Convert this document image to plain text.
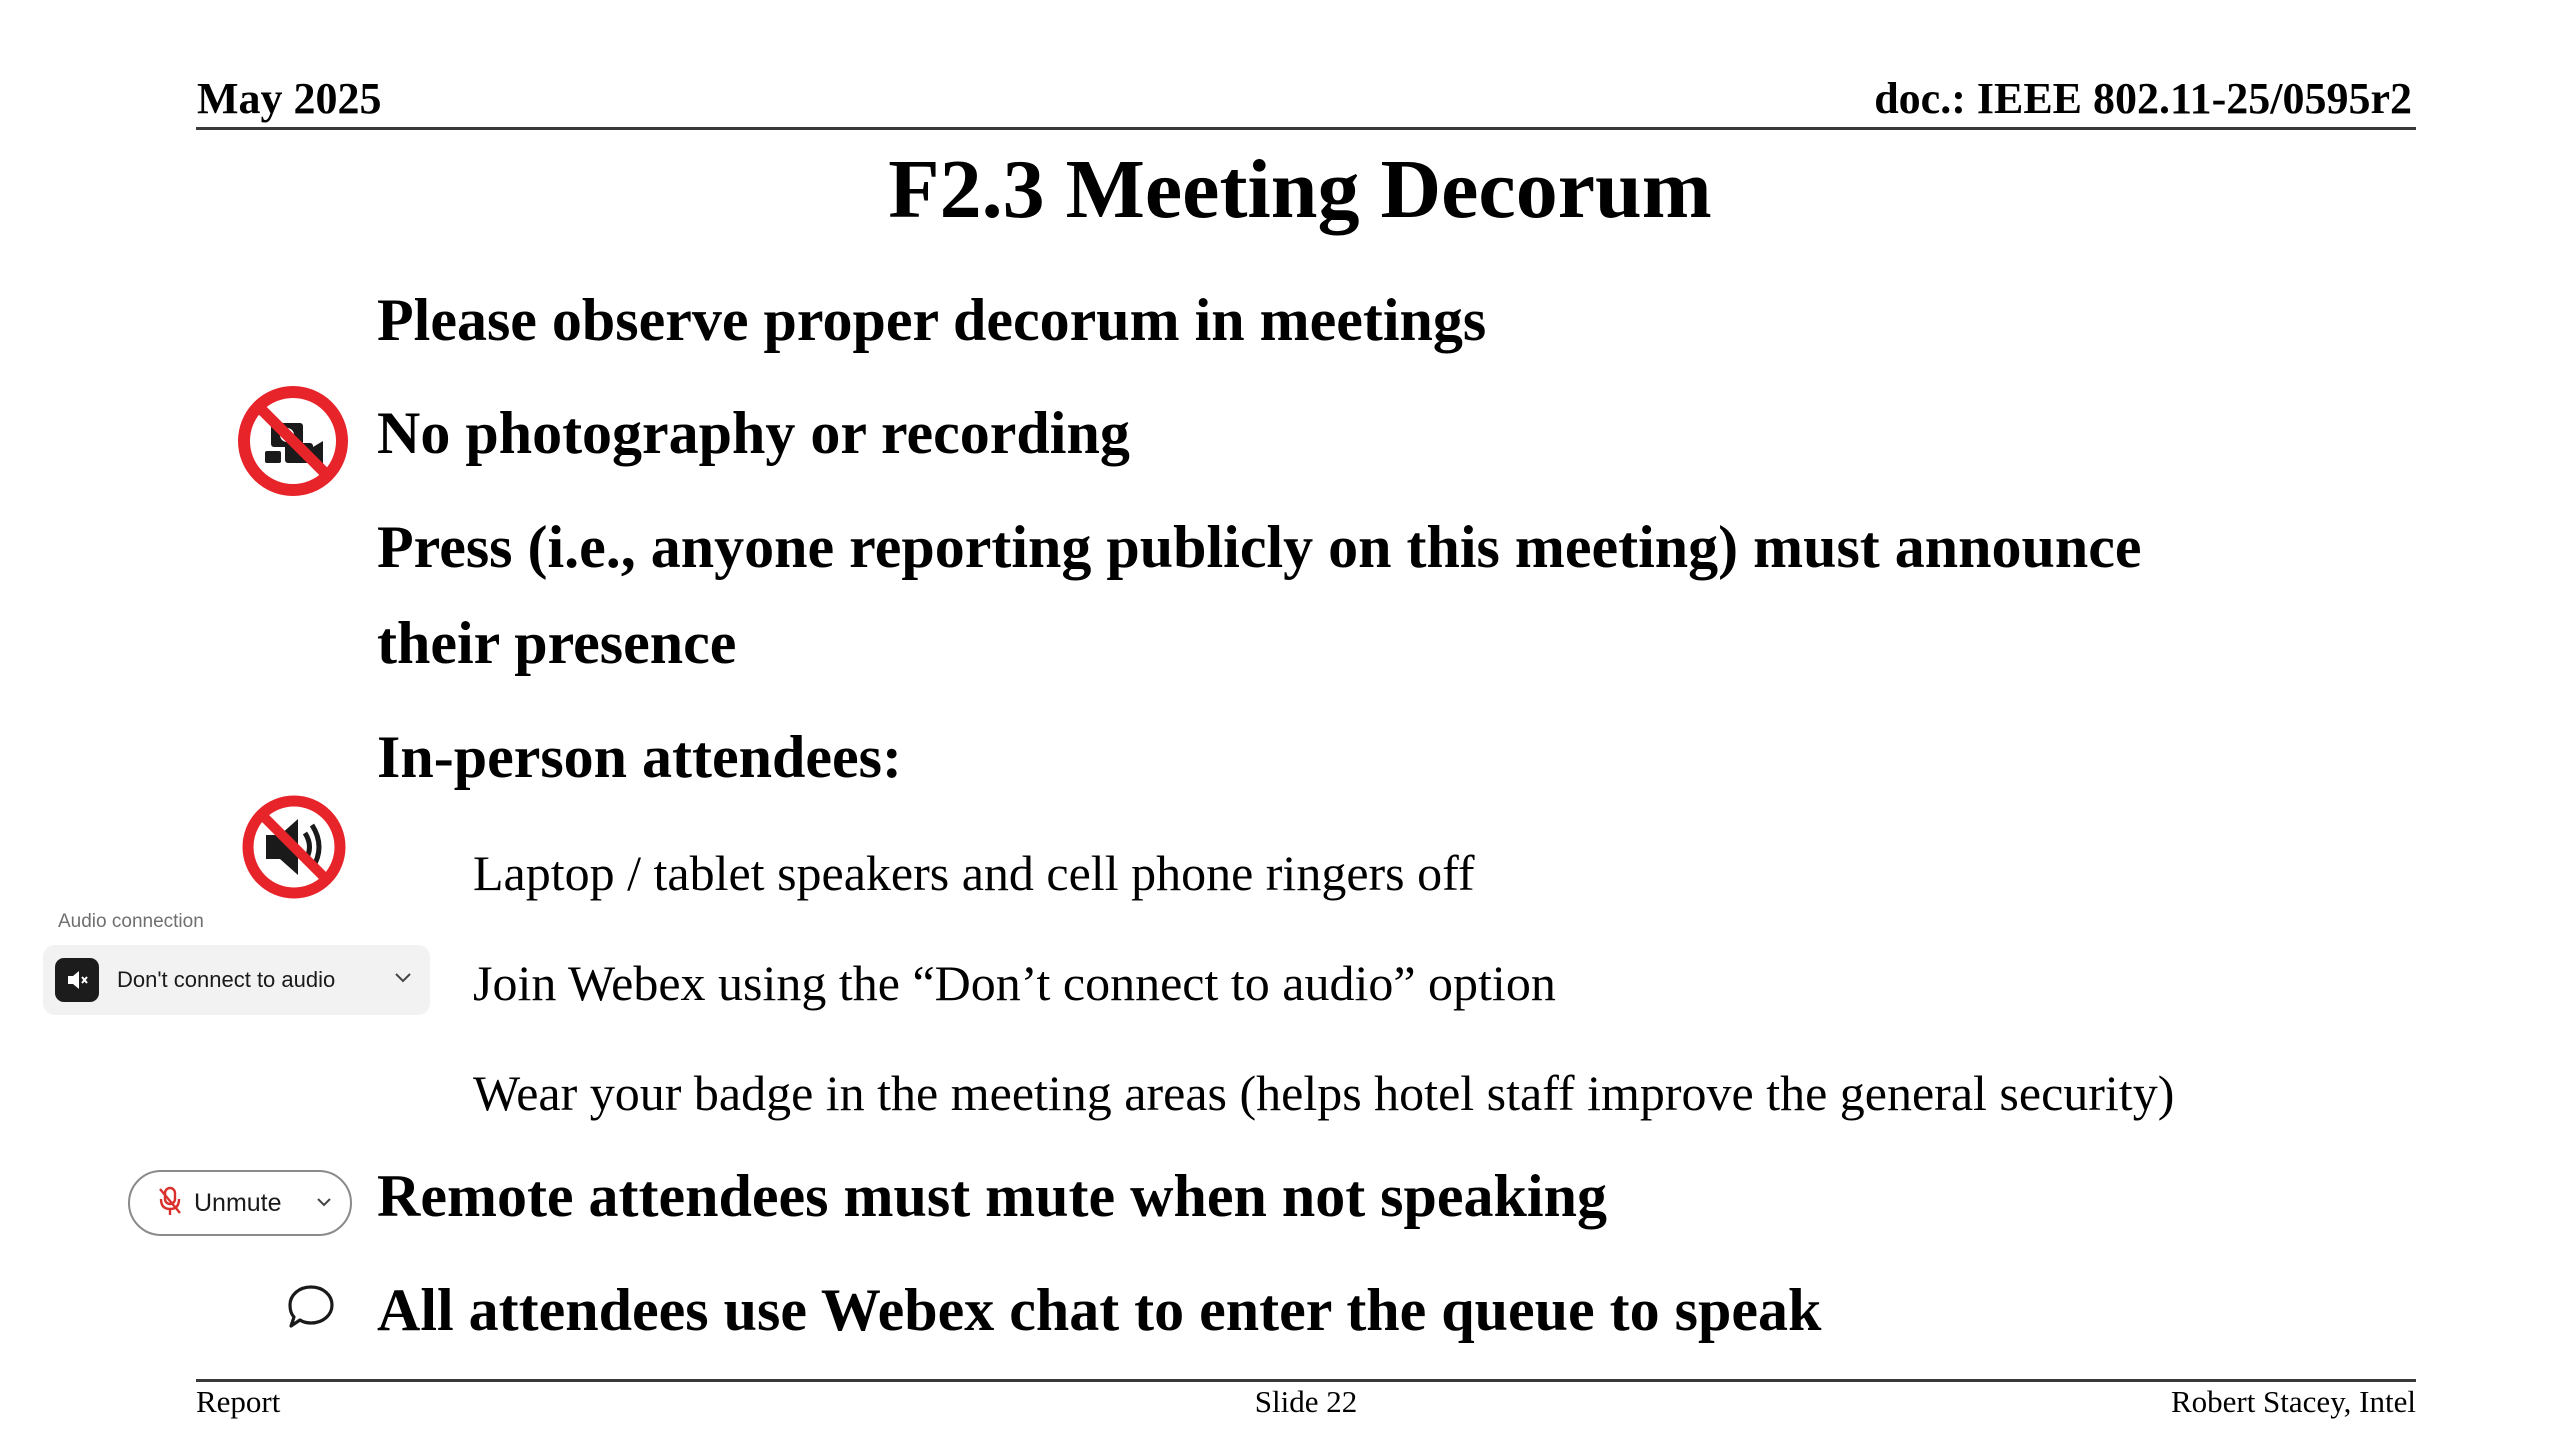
May 2025	doc.: IEEE 802.11-25/0595r2
F2.3 Meeting Decorum
Please observe proper decorum in meetings
No photography or recording
Press (i.e., anyone reporting publicly on this meeting) must announce
their presence
In-person attendees:
Laptop / tablet speakers and cell phone ringers off
Audio connection
Don't connect to audio	Join Webex using the “Don’t connect to audio” option
Wear your badge in the meeting areas (helps hotel staff improve the general security)
Unmute Remote attendees must mute when not speaking
All attendees use Webex chat to enter the queue to speak
Report	Slide 22	Robert Stacey, Intel
